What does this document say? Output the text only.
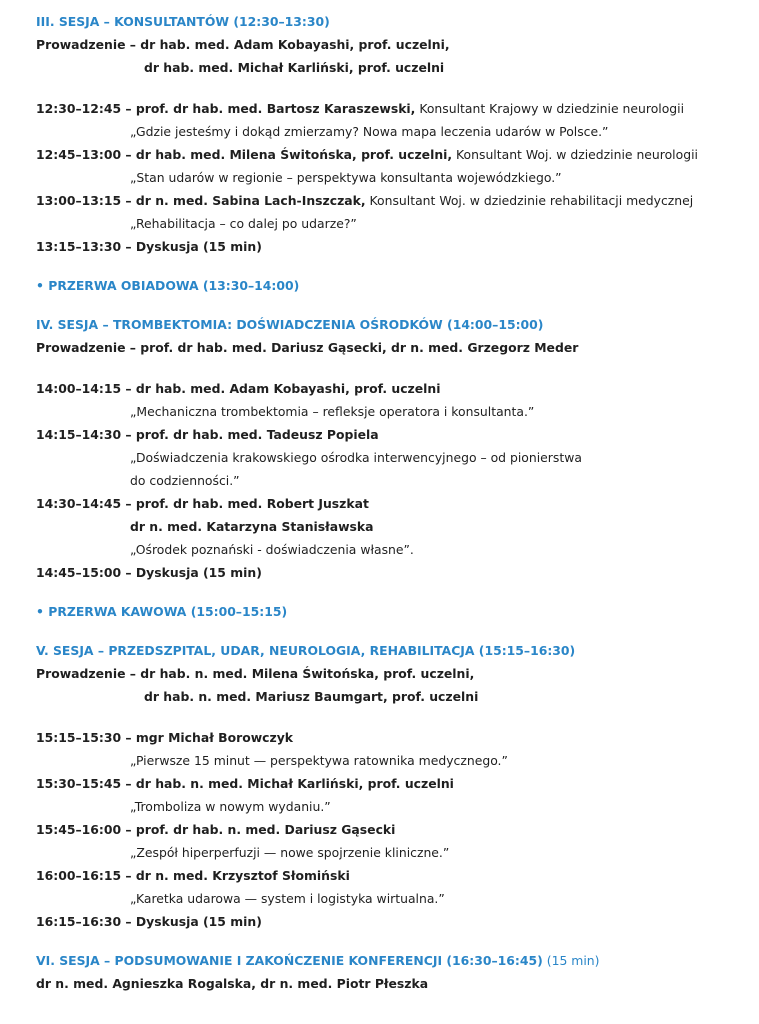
III. SESJA – KONSULTANTÓW (12:30–13:30)
Prowadzenie – dr hab. med. Adam Kobayashi, prof. uczelni,
dr hab. med. Michał Karliński, prof. uczelni
12:30–12:45 – prof. dr hab. med. Bartosz Karaszewski, Konsultant Krajowy w dziedzinie neurologii
„Gdzie jesteśmy i dokąd zmierzamy? Nowa mapa leczenia udarów w Polsce.”
12:45–13:00 – dr hab. med. Milena Świtońska, prof. uczelni, Konsultant Woj. w dziedzinie neurologii
„Stan udarów w regionie – perspektywa konsultanta wojewódzkiego.”
13:00–13:15 – dr n. med. Sabina Lach-Inszczak, Konsultant Woj. w dziedzinie rehabilitacji medycznej
„Rehabilitacja – co dalej po udarze?”
13:15–13:30 – Dyskusja (15 min)
• PRZERWA OBIADOWA (13:30–14:00)
IV. SESJA – TROMBEKTOMIA: DOŚWIADCZENIA OŚRODKÓW (14:00–15:00)
Prowadzenie – prof. dr hab. med. Dariusz Gąsecki, dr n. med. Grzegorz Meder
14:00–14:15 – dr hab. med. Adam Kobayashi, prof. uczelni
„Mechaniczna trombektomia – refleksje operatora i konsultanta.”
14:15–14:30 – prof. dr hab. med. Tadeusz Popiela
„Doświadczenia krakowskiego ośrodka interwencyjnego – od pionierstwa
do codzienności.”
14:30–14:45 – prof. dr hab. med. Robert Juszkat
dr n. med. Katarzyna Stanisławska
„Ośrodek poznański - doświadczenia własne”.
14:45–15:00 – Dyskusja (15 min)
• PRZERWA KAWOWA (15:00–15:15)
V. SESJA – PRZEDSZPITAL, UDAR, NEUROLOGIA, REHABILITACJA (15:15–16:30)
Prowadzenie – dr hab. n. med. Milena Świtońska, prof. uczelni,
dr hab. n. med. Mariusz Baumgart, prof. uczelni
15:15–15:30 – mgr Michał Borowczyk
„Pierwsze 15 minut — perspektywa ratownika medycznego.”
15:30–15:45 – dr hab. n. med. Michał Karliński, prof. uczelni
„Tromboliza w nowym wydaniu.”
15:45–16:00 – prof. dr hab. n. med. Dariusz Gąsecki
„Zespół hiperperfuzji — nowe spojrzenie kliniczne.”
16:00–16:15 – dr n. med. Krzysztof Słomiński
„Karetka udarowa — system i logistyka wirtualna.”
16:15–16:30 – Dyskusja (15 min)
VI. SESJA – PODSUMOWANIE I ZAKOŃCZENIE KONFERENCJI (16:30–16:45) (15 min)
dr n. med. Agnieszka Rogalska, dr n. med. Piotr Płeszka
